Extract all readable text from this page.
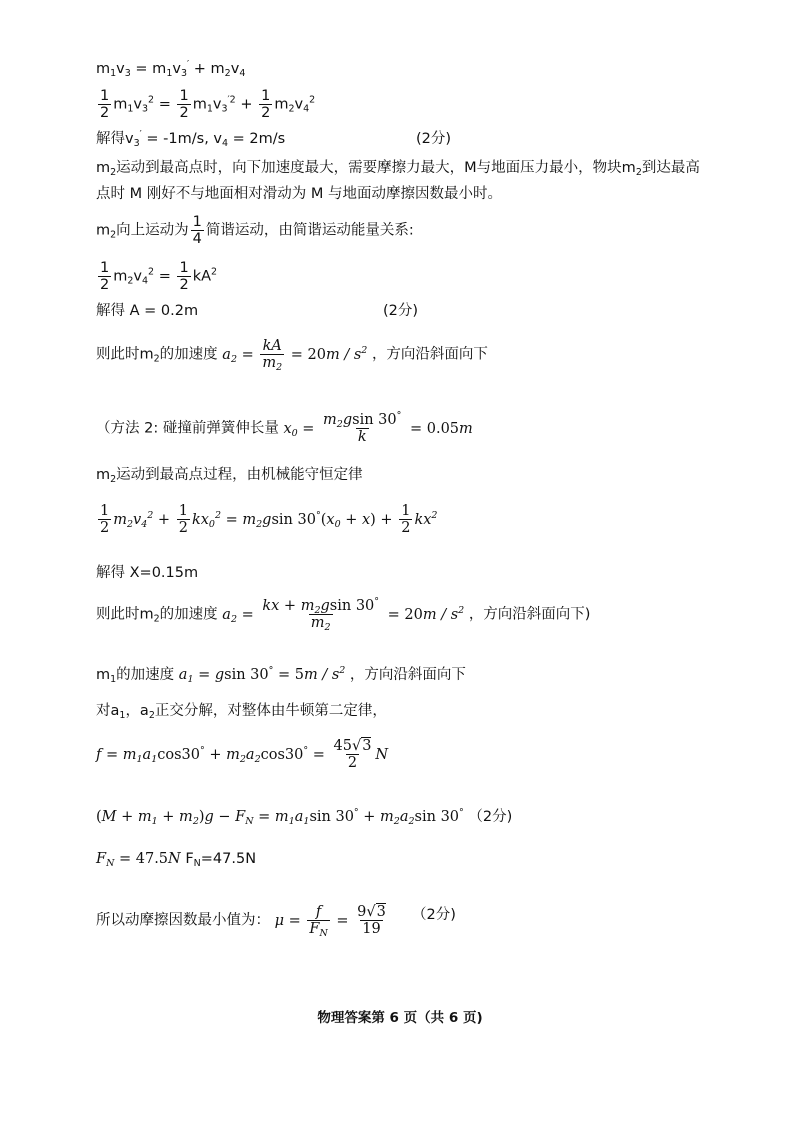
$m_1v_3 = m_1v_3' + m_2v_4$
$\frac{1}{2} m_1v_3^2 = \frac{1}{2} m_1v_3^{'2} + \frac{1}{2} m_2v_4^2$
解得$v_3' = -1m/s$, $v_4 = 2m/s$	(2分)
$m_2$运动到最高点时，向下加速度最大，需要摩擦力最大，M与地面压力最小，物块$m_2$到达最高
点时 M 刚好不与地面相对滑动为 M 与地面动摩擦因数最小时。
$m_2$向上运动为 $\frac{1}{4}$ 简谐运动，由简谐运动能量关系:
$\frac{1}{2} m_2v_4^2 = \frac{1}{2} kA^2$
解得 A = 0.2m	(2分)
则此时$m_2$的加速度 $a_2 = \frac{kA}{m_2} = 20m / s^2$ ，方向沿斜面向下
（方法 2: 碰撞前弹簧伸长量 $x_0 = \frac{m_2gsin 30^\circ}{k} = 0.05m$
$m_2$运动到最高点过程，由机械能守恒定律
$\frac{1}{2} m_2v_4^2 + \frac{1}{2} kx_0^2 = m_2gsin$ $30^\circ(x_0 + x) + \frac{1}{2} kx^2$
解得 X=0.15m
则此时$m_2$的加速度 $a_2 = \frac{kx + m_2gsin 30^\circ}{m_2} = 20m / s^2$ ，方向沿斜面向下)
$m_1$的加速度 $a_1 = gsin$ $30^\circ = 5m / s^2$ ，方向沿斜面向下
对$a_1$，$a_2$正交分解，对整体由牛顿第二定律，
$f = m_1a_1\cos 30^\circ + m_2a_2\cos 30^\circ = \frac{45√3}{2}$ N
$(M + m_1 + m_2)g - F_N = m_1a_1\sin$ $30^\circ + m_2a_2\sin$ 30° （2分)
$F_N = 47.5N$ $F_N=47.5N$
所以动摩擦因数最小值为： $\mu = \frac{f}{F_N} = \frac{9√3}{19} (2$分)
物理答案第 6 页（共 6 页)
